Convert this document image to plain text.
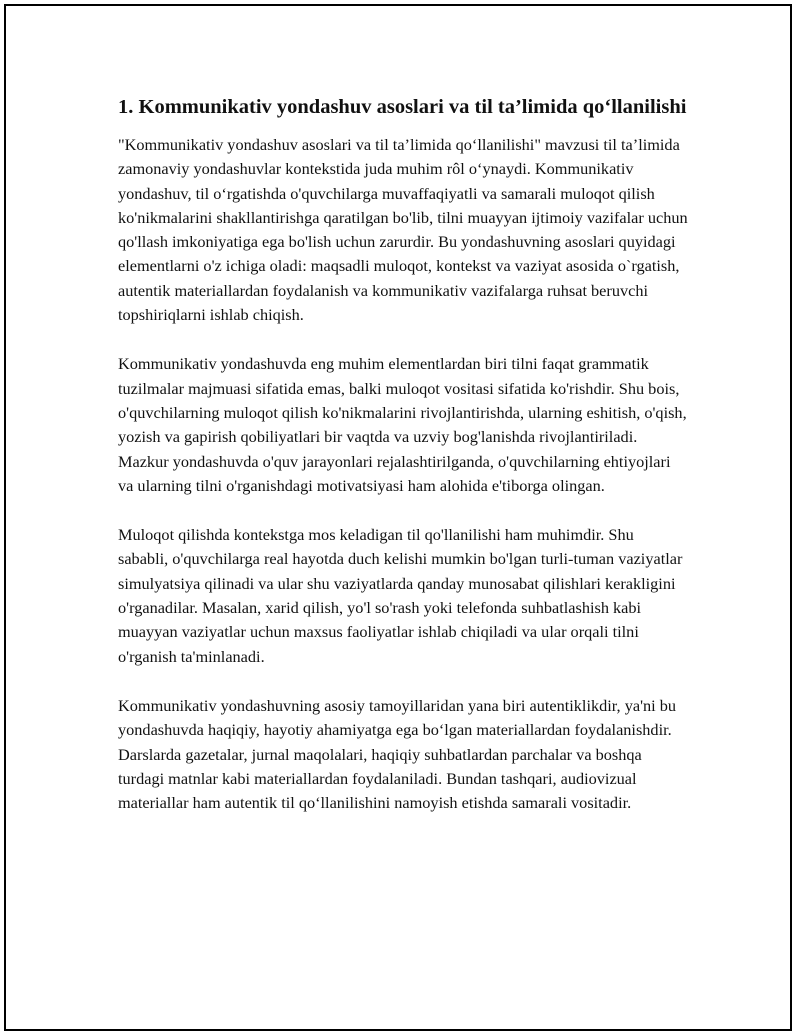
1. Kommunikativ yondashuv asoslari va til ta’limida qo‘llanilishi

"Kommunikativ yondashuv asoslari va til ta’limida qo‘llanilishi" mavzusi til ta’limida zamonaviy yondashuvlar kontekstida juda muhim rôl o‘ynaydi. Kommunikativ yondashuv, til o‘rgatishda o'quvchilarga muvaffaqiyatli va samarali muloqot qilish ko'nikmalarini shakllantirishga qaratilgan bo'lib, tilni muayyan ijtimoiy vazifalar uchun qo'llash imkoniyatiga ega bo'lish uchun zarurdir. Bu yondashuvning asoslari quyidagi elementlarni o'z ichiga oladi: maqsadli muloqot, kontekst va vaziyat asosida o`rgatish, autentik materiallardan foydalanish va kommunikativ vazifalarga ruhsat beruvchi topshiriqlarni ishlab chiqish.

Kommunikativ yondashuvda eng muhim elementlardan biri tilni faqat grammatik tuzilmalar majmuasi sifatida emas, balki muloqot vositasi sifatida ko'rishdir. Shu bois, o'quvchilarning muloqot qilish ko'nikmalarini rivojlantirishda, ularning eshitish, o'qish, yozish va gapirish qobiliyatlari bir vaqtda va uzviy bog'lanishda rivojlantiriladi. Mazkur yondashuvda o'quv jarayonlari rejalashtirilganda, o'quvchilarning ehtiyojlari va ularning tilni o'rganishdagi motivatsiyasi ham alohida e'tiborga olingan.

Muloqot qilishda kontekstga mos keladigan til qo'llanilishi ham muhimdir. Shu sababli, o'quvchilarga real hayotda duch kelishi mumkin bo'lgan turli-tuman vaziyatlar simulyatsiya qilinadi va ular shu vaziyatlarda qanday munosabat qilishlari kerakligini o'rganadilar. Masalan, xarid qilish, yo'l so'rash yoki telefonda suhbatlashish kabi muayyan vaziyatlar uchun maxsus faoliyatlar ishlab chiqiladi va ular orqali tilni o'rganish ta'minlanadi.

Kommunikativ yondashuvning asosiy tamoyillaridan yana biri autentiklikdir, ya'ni bu yondashuvda haqiqiy, hayotiy ahamiyatga ega bo‘lgan materiallardan foydalanishdir. Darslarda gazetalar, jurnal maqolalari, haqiqiy suhbatlardan parchalar va boshqa turdagi matnlar kabi materiallardan foydalaniladi. Bundan tashqari, audiovizual materiallar ham autentik til qo‘llanilishini namoyish etishda samarali vositadir.
